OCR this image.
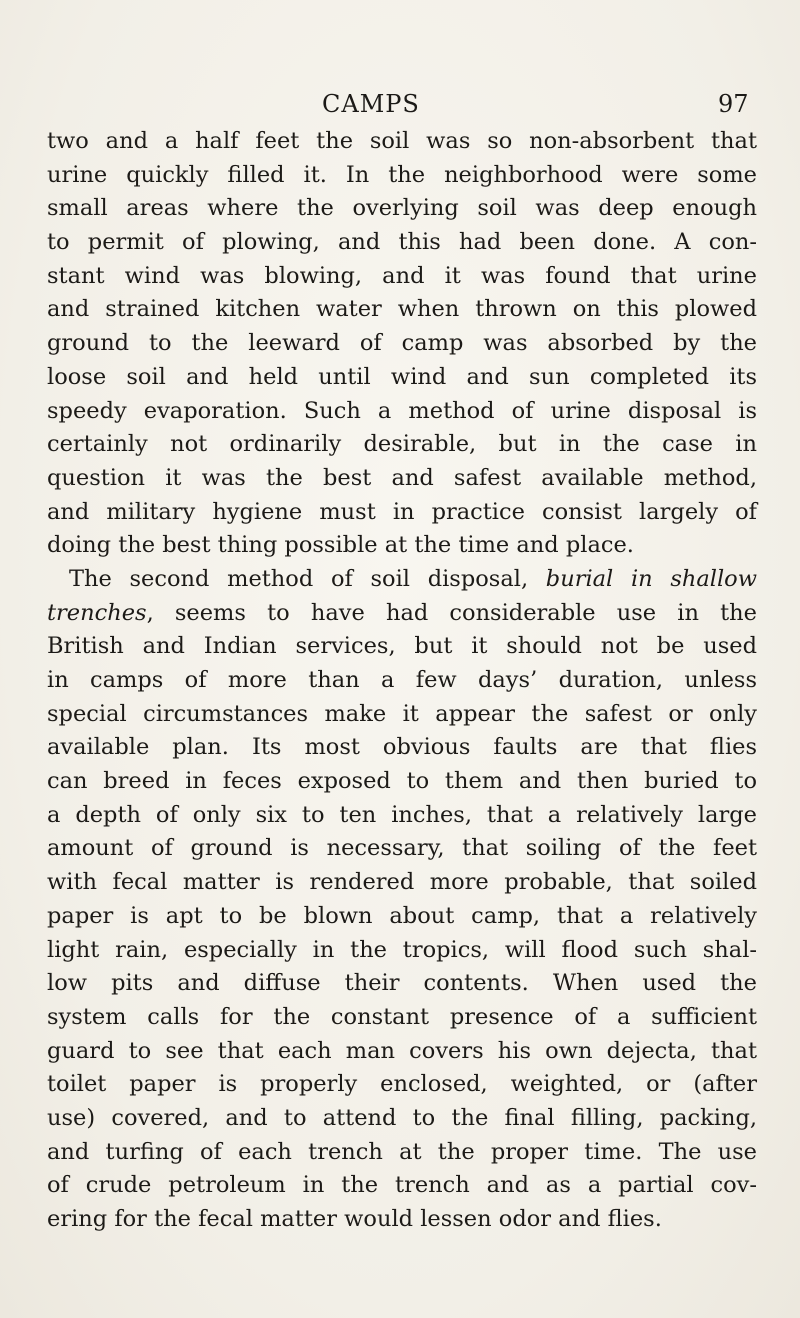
CAMPS	97
two and a half feet the soil was so non-absorbent that
urine quickly filled it. In the neighborhood were some
small areas where the overlying soil was deep enough
to permit of plowing, and this had been done. A con-
stant wind was blowing, and it was found that urine
and strained kitchen water when thrown on this plowed
ground to the leeward of camp was absorbed by the
loose soil and held until wind and sun completed its
speedy evaporation. Such a method of urine disposal is
certainly not ordinarily desirable, but in the case in
question it was the best and safest available method,
and military hygiene must in practice consist largely of
doing the best thing possible at the time and place.
The second method of soil disposal, burial in shallow
trenches, seems to have had considerable use in the
British and Indian services, but it should not be used
in camps of more than a few days’ duration, unless
special circumstances make it appear the safest or only
available plan. Its most obvious faults are that flies
can breed in feces exposed to them and then buried to
a depth of only six to ten inches, that a relatively large
amount of ground is necessary, that soiling of the feet
with fecal matter is rendered more probable, that soiled
paper is apt to be blown about camp, that a relatively
light rain, especially in the tropics, will flood such shal-
low pits and diffuse their contents. When used the
system calls for the constant presence of a sufficient
guard to see that each man covers his own dejecta, that
toilet paper is properly enclosed, weighted, or (after
use) covered, and to attend to the final filling, packing,
and turfing of each trench at the proper time. The use
of crude petroleum in the trench and as a partial cov-
ering for the fecal matter would lessen odor and flies.
